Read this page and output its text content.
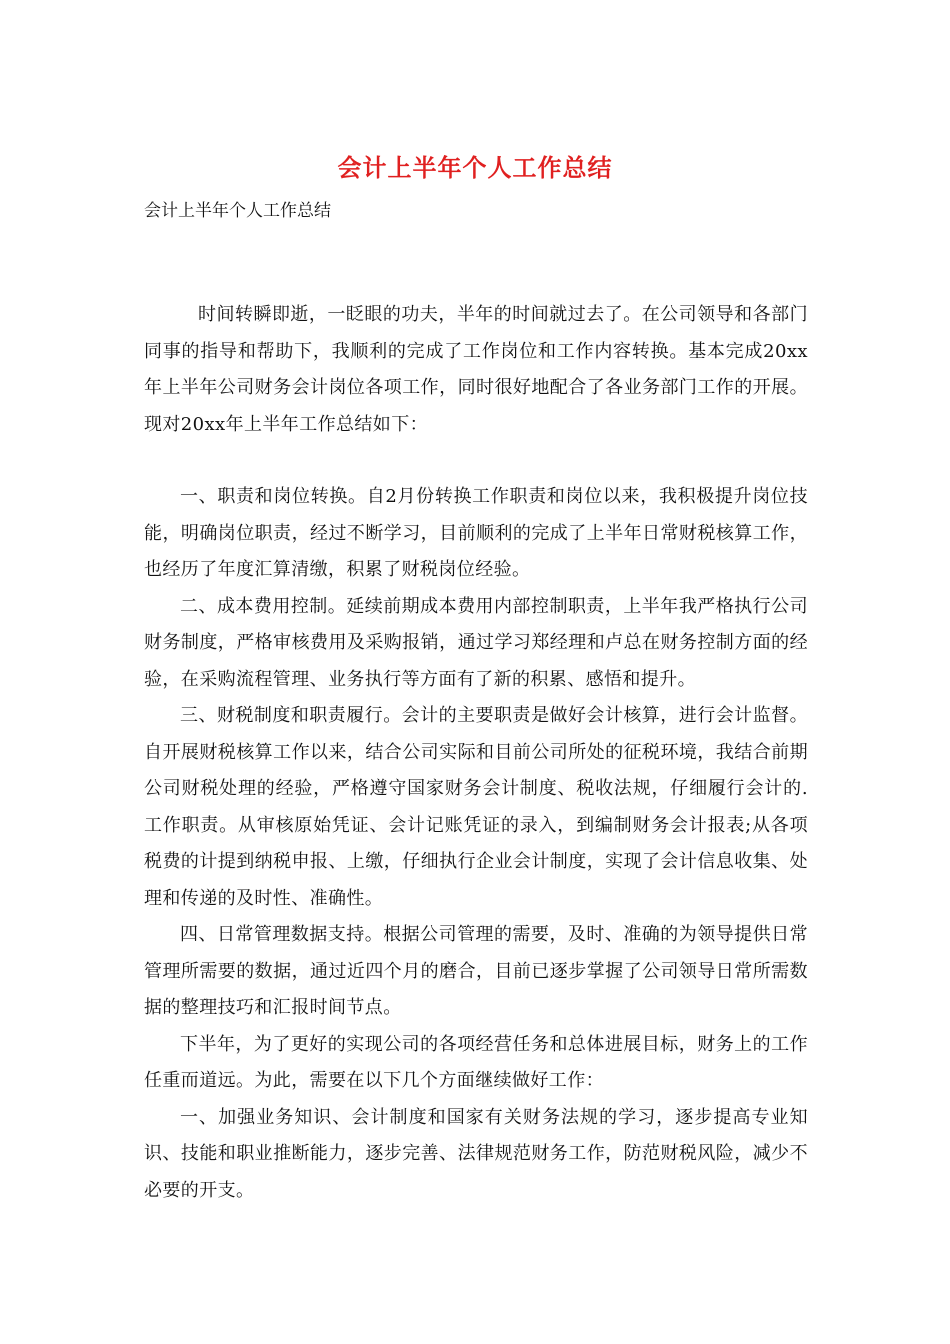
会计上半年个人工作总结
会计上半年个人工作总结

时间转瞬即逝，一眨眼的功夫，半年的时间就过去了。在公司领导和各部门同事的指导和帮助下，我顺利的完成了工作岗位和工作内容转换。基本完成20xx年上半年公司财务会计岗位各项工作，同时很好地配合了各业务部门工作的开展。现对20xx年上半年工作总结如下：

一、职责和岗位转换。自2月份转换工作职责和岗位以来，我积极提升岗位技能，明确岗位职责，经过不断学习，目前顺利的完成了上半年日常财税核算工作，也经历了年度汇算清缴，积累了财税岗位经验。

二、成本费用控制。延续前期成本费用内部控制职责，上半年我严格执行公司财务制度，严格审核费用及采购报销，通过学习郑经理和卢总在财务控制方面的经验，在采购流程管理、业务执行等方面有了新的积累、感悟和提升。

三、财税制度和职责履行。会计的主要职责是做好会计核算，进行会计监督。自开展财税核算工作以来，结合公司实际和目前公司所处的征税环境，我结合前期公司财税处理的经验，严格遵守国家财务会计制度、税收法规，仔细履行会计的.工作职责。从审核原始凭证、会计记账凭证的录入，到编制财务会计报表;从各项税费的计提到纳税申报、上缴，仔细执行企业会计制度，实现了会计信息收集、处理和传递的及时性、准确性。

四、日常管理数据支持。根据公司管理的需要，及时、准确的为领导提供日常管理所需要的数据，通过近四个月的磨合，目前已逐步掌握了公司领导日常所需数据的整理技巧和汇报时间节点。

下半年，为了更好的实现公司的各项经营任务和总体进展目标，财务上的工作任重而道远。为此，需要在以下几个方面继续做好工作：

一、加强业务知识、会计制度和国家有关财务法规的学习，逐步提高专业知识、技能和职业推断能力，逐步完善、法律规范财务工作，防范财税风险，减少不必要的开支。
